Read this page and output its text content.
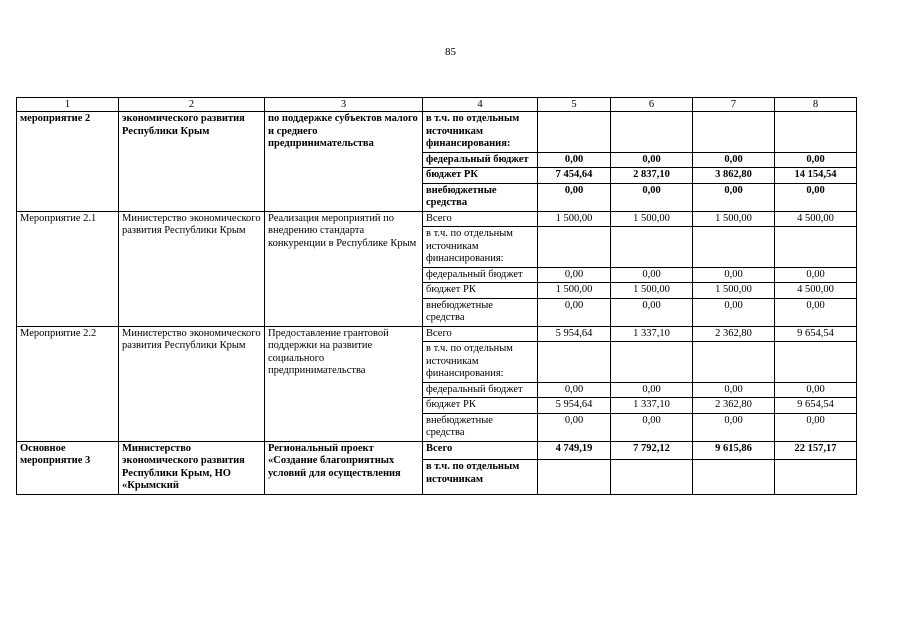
85
1	2	3	4	5	6	7	8
мероприятие 2	экономического развития Республики Крым	по поддержке субъектов малого и среднего предпринимательства	в т.ч. по отдельным источникам финансирования:				
			федеральный бюджет	0,00	0,00	0,00	0,00
			бюджет РК	7 454,64	2 837,10	3 862,80	14 154,54
			внебюджетные средства	0,00	0,00	0,00	0,00
Мероприятие 2.1	Министерство экономического развития Республики Крым	Реализация мероприятий по внедрению стандарта конкуренции в Республике Крым	Всего	1 500,00	1 500,00	1 500,00	4 500,00
			в т.ч. по отдельным источникам финансирования:				
			федеральный бюджет	0,00	0,00	0,00	0,00
			бюджет РК	1 500,00	1 500,00	1 500,00	4 500,00
			внебюджетные средства	0,00	0,00	0,00	0,00
Мероприятие 2.2	Министерство экономического развития Республики Крым	Предоставление грантовой поддержки на развитие социального предпринимательства	Всего	5 954,64	1 337,10	2 362,80	9 654,54
			в т.ч. по отдельным источникам финансирования:				
			федеральный бюджет	0,00	0,00	0,00	0,00
			бюджет РК	5 954,64	1 337,10	2 362,80	9 654,54
			внебюджетные средства	0,00	0,00	0,00	0,00
Основное мероприятие 3	Министерство экономического развития Республики Крым, НО «Крымский	Региональный проект «Создание благоприятных условий для осуществления	Всего	4 749,19	7 792,12	9 615,86	22 157,17
			в т.ч. по отдельным источникам				
